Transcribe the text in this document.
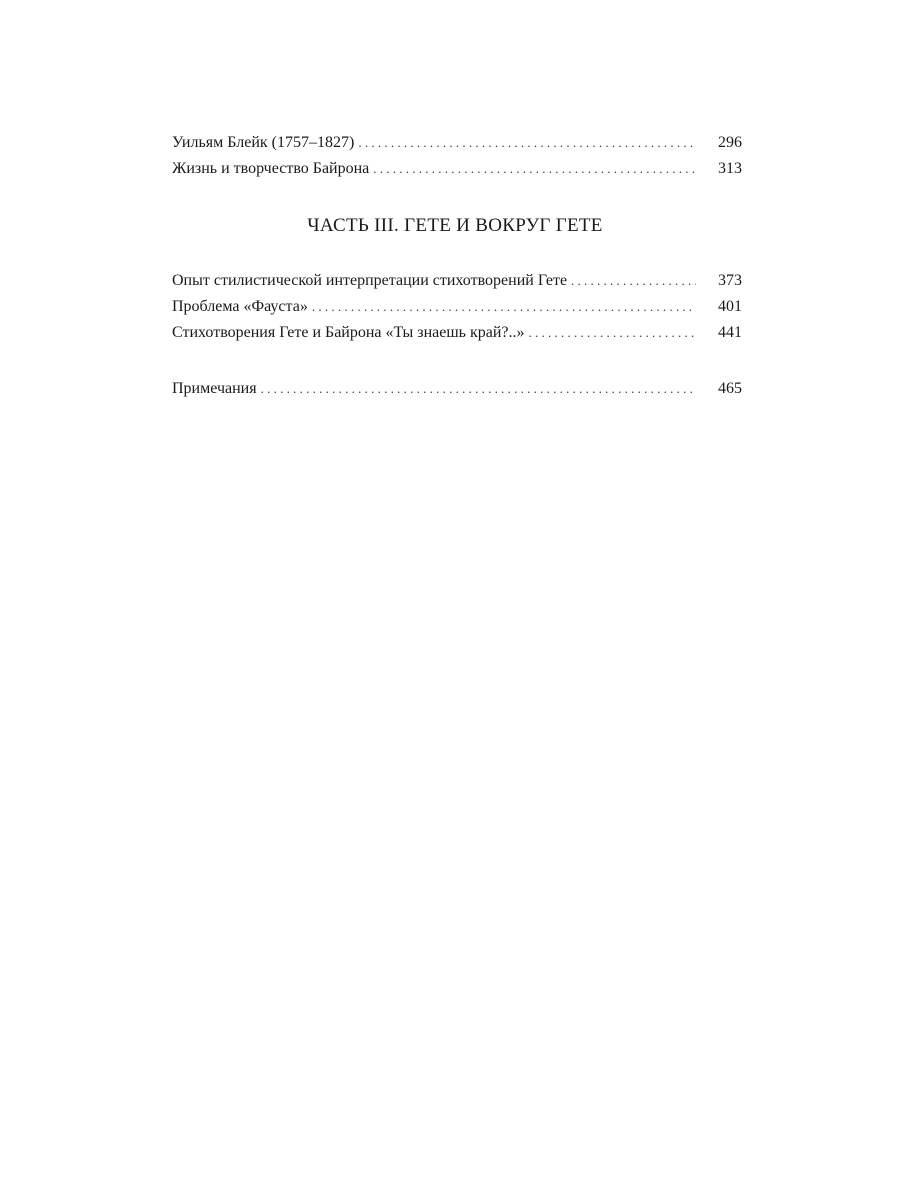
Уильям Блейк (1757–1827) . . .	296
Жизнь и творчество Байрона . . .	313
ЧАСТЬ III. ГЕТЕ И ВОКРУГ ГЕТЕ
Опыт стилистической интерпретации стихотворений Гете . . .	373
Проблема «Фауста» . . .	401
Стихотворения Гете и Байрона «Ты знаешь край?..» . . .	441
Примечания . . .	465
